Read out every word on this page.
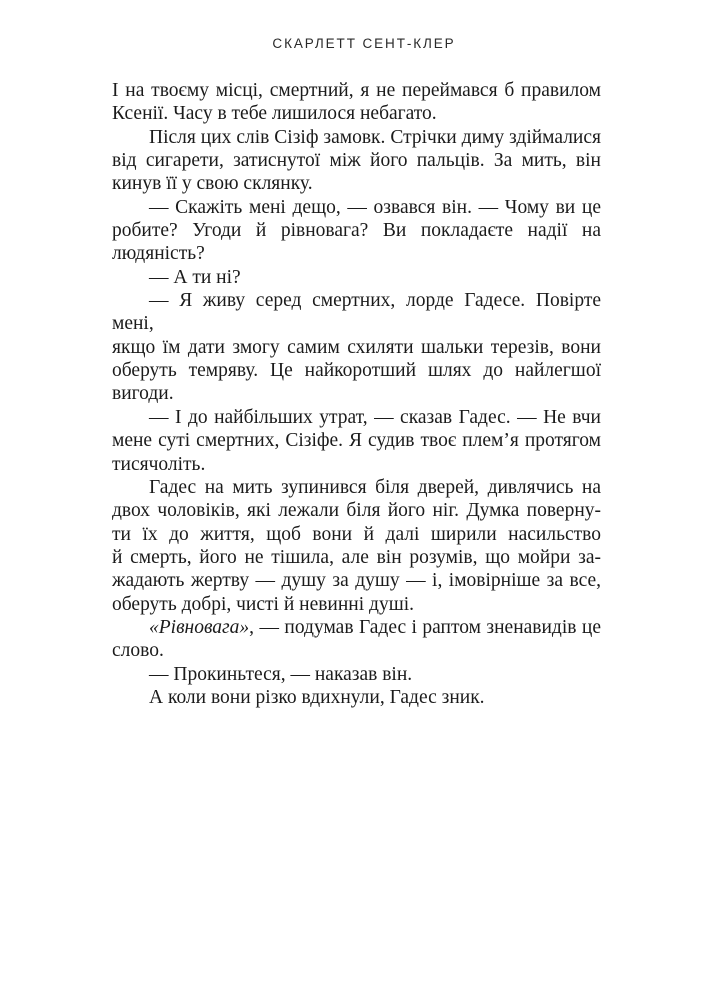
СКАРЛЕТТ СЕНТ-КЛЕР
І на твоєму місці, смертний, я не переймався б правилом
Ксенії. Часу в тебе лишилося небагато.
Після цих слів Сізіф замовк. Стрічки диму здіймалися
від сигарети, затиснутої між його пальців. За мить, він
кинув її у свою склянку.
— Скажіть мені дещо, — озвався він. — Чому ви це
робите? Угоди й рівновага? Ви покладаєте надії на
людяність?
— А ти ні?
— Я живу серед смертних, лорде Гадесе. Повірте мені,
якщо їм дати змогу самим схиляти шальки терезів, вони
оберуть темряву. Це найкоротший шлях до найлегшої
вигоди.
— І до найбільших утрат, — сказав Гадес. — Не вчи
мене суті смертних, Сізіфе. Я судив твоє плем’я протягом
тисячоліть.
Гадес на мить зупинився біля дверей, дивлячись на
двох чоловіків, які лежали біля його ніг. Думка поверну-
ти їх до життя, щоб вони й далі ширили насильство
й смерть, його не тішила, але він розумів, що мойри за-
жадають жертву — душу за душу — і, імовірніше за все,
оберуть добрі, чисті й невинні душі.
«Рівновага», — подумав Гадес і раптом зненавидів це
слово.
— Прокиньтеся, — наказав він.
А коли вони різко вдихнули, Гадес зник.
